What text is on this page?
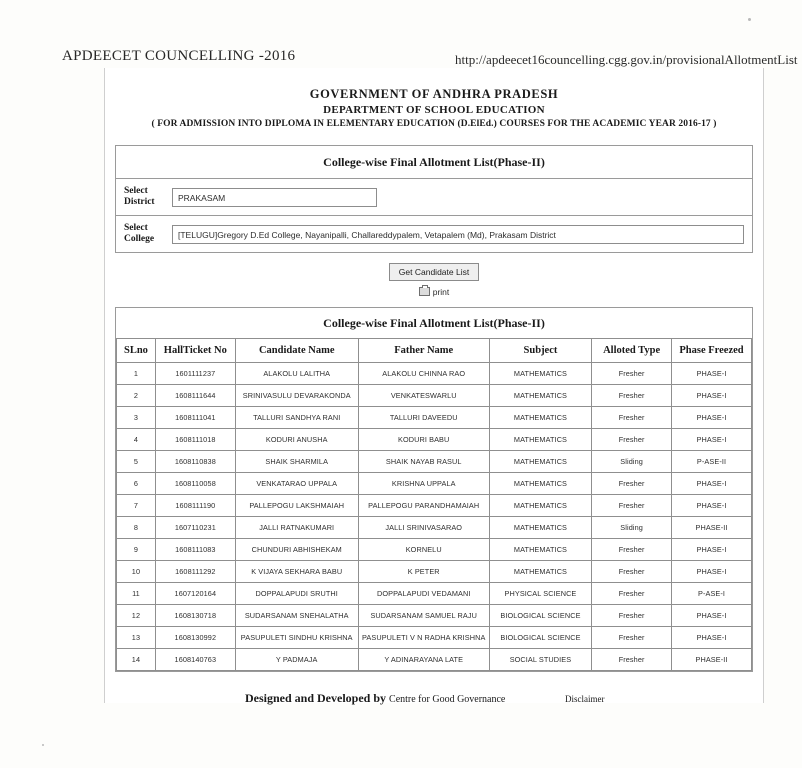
APDEECET COUNCELLING -2016	http://apdeecet16councelling.cgg.gov.in/provisionalAllotmentList
GOVERNMENT OF ANDHRA PRADESH
DEPARTMENT OF SCHOOL EDUCATION
( FOR ADMISSION INTO DIPLOMA IN ELEMENTARY EDUCATION (D.ElEd.) COURSES FOR THE ACADEMIC YEAR 2016-17 )
College-wise Final Allotment List(Phase-II)
Select District	PRAKASAM
Select College	[TELUGU]Gregory D.Ed College, Nayanipalli, Challareddypalem, Vetapalem (Md), Prakasam District
Get Candidate List
print
College-wise Final Allotment List(Phase-II)
SLno	HallTicket No	Candidate Name	Father Name	Subject	Alloted Type	Phase Freezed
1	1601111237	ALAKOLU LALITHA	ALAKOLU CHINNA RAO	MATHEMATICS	Fresher	PHASE-I
2	1608111644	SRINIVASULU DEVARAKONDA	VENKATESWARLU	MATHEMATICS	Fresher	PHASE-I
3	1608111041	TALLURI SANDHYA RANI	TALLURI DAVEEDU	MATHEMATICS	Fresher	PHASE-I
4	1608111018	KODURI ANUSHA	KODURI BABU	MATHEMATICS	Fresher	PHASE-I
5	1608110838	SHAIK SHARMILA	SHAIK NAYAB RASUL	MATHEMATICS	Sliding	P-ASE-II
6	1608110058	VENKATARAO UPPALA	KRISHNA UPPALA	MATHEMATICS	Fresher	PHASE-I
7	1608111190	PALLEPOGU LAKSHMAIAH	PALLEPOGU PARANDHAMAIAH	MATHEMATICS	Fresher	PHASE-I
8	1607110231	JALLI RATNAKUMARI	JALLI SRINIVASARAO	MATHEMATICS	Sliding	PHASE-II
9	1608111083	CHUNDURI ABHISHEKAM	KORNELU	MATHEMATICS	Fresher	PHASE-I
10	1608111292	K VIJAYA SEKHARA BABU	K PETER	MATHEMATICS	Fresher	PHASE-I
11	1607120164	DOPPALAPUDI SRUTHI	DOPPALAPUDI VEDAMANI	PHYSICAL SCIENCE	Fresher	P-ASE-I
12	1608130718	SUDARSANAM SNEHALATHA	SUDARSANAM SAMUEL RAJU	BIOLOGICAL SCIENCE	Fresher	PHASE-I
13	1608130992	PASUPULETI SINDHU KRISHNA	PASUPULETI V N RADHA KRISHNA	BIOLOGICAL SCIENCE	Fresher	PHASE-I
14	1608140763	Y PADMAJA	Y ADINARAYANA LATE	SOCIAL STUDIES	Fresher	PHASE-II
Designed and Developed by Centre for Good Governance	Disclaimer
